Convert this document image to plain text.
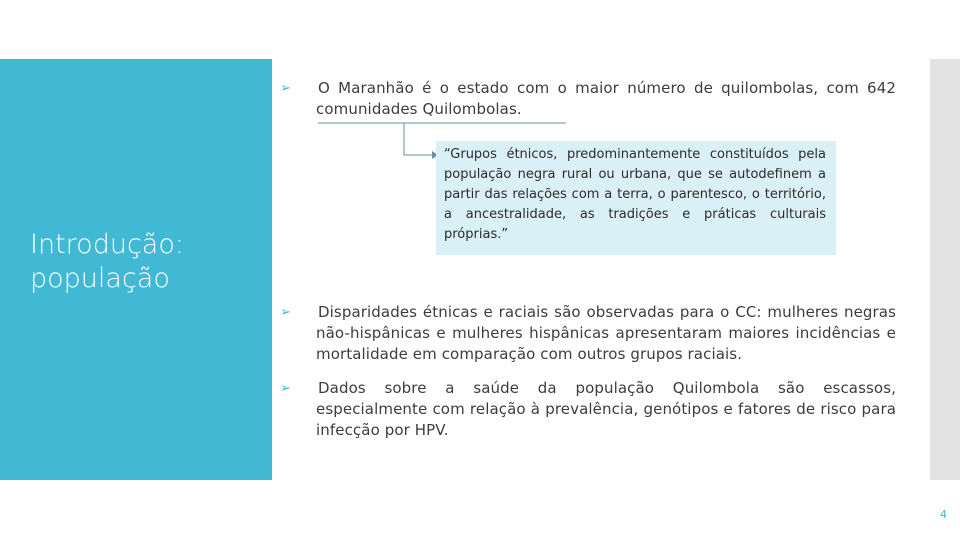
Introdução: população
➢ O Maranhão é o estado com o maior número de quilombolas, com 642 comunidades Quilombolas.
“Grupos étnicos, predominantemente constituídos pela população negra rural ou urbana, que se autodefinem a partir das relações com a terra, o parentesco, o território, a ancestralidade, as tradições e práticas culturais próprias.”
➢ Disparidades étnicas e raciais são observadas para o CC: mulheres negras não-hispânicas e mulheres hispânicas apresentaram maiores incidências e mortalidade em comparação com outros grupos raciais.
➢ Dados sobre a saúde da população Quilombola são escassos, especialmente com relação à prevalência, genótipos e fatores de risco para infecção por HPV.
4
